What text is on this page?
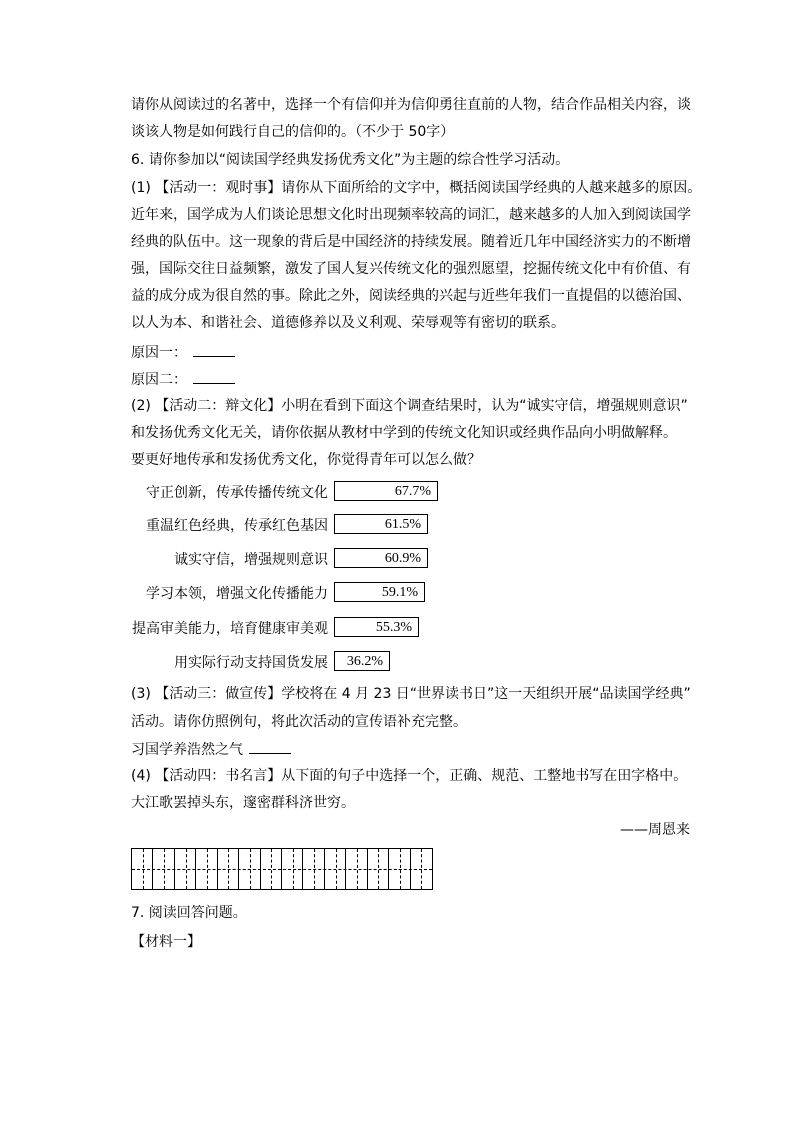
请你从阅读过的名著中，选择一个有信仰并为信仰勇往直前的人物，结合作品相关内容，谈
谈该人物是如何践行自己的信仰的。（不少于 50字）
6. 请你参加以“阅读国学经典发扬优秀文化”为主题的综合性学习活动。
(1) 【活动一：观时事】请你从下面所给的文字中，概括阅读国学经典的人越来越多的原因。
近年来，国学成为人们谈论思想文化时出现频率较高的词汇，越来越多的人加入到阅读国学
经典的队伍中。这一现象的背后是中国经济的持续发展。随着近几年中国经济实力的不断增
强，国际交往日益频繁，激发了国人复兴传统文化的强烈愿望，挖掘传统文化中有价值、有
益的成分成为很自然的事。除此之外，阅读经典的兴起与近些年我们一直提倡的以德治国、
以人为本、和谐社会、道德修养以及义利观、荣辱观等有密切的联系。
原因一：
原因二：
(2) 【活动二：辩文化】小明在看到下面这个调查结果时，认为“诚实守信，增强规则意识”
和发扬优秀文化无关，请你依据从教材中学到的传统文化知识或经典作品向小明做解释。
要更好地传承和发扬优秀文化，你觉得青年可以怎么做？
守正创新，传承传播传统文化	67.7%
重温红色经典，传承红色基因	61.5%
诚实守信，增强规则意识	60.9%
学习本领，增强文化传播能力	59.1%
提高审美能力，培育健康审美观	55.3%
用实际行动支持国货发展 36.2%
(3) 【活动三：做宣传】学校将在 4 月 23 日“世界读书日”这一天组织开展“品读国学经典”
活动。请你仿照例句，将此次活动的宣传语补充完整。
习国学养浩然之气
(4) 【活动四：书名言】从下面的句子中选择一个，正确、规范、工整地书写在田字格中。
大江歌罢掉头东，邃密群科济世穷。
——周恩来
7. 阅读回答问题。
【材料一】
